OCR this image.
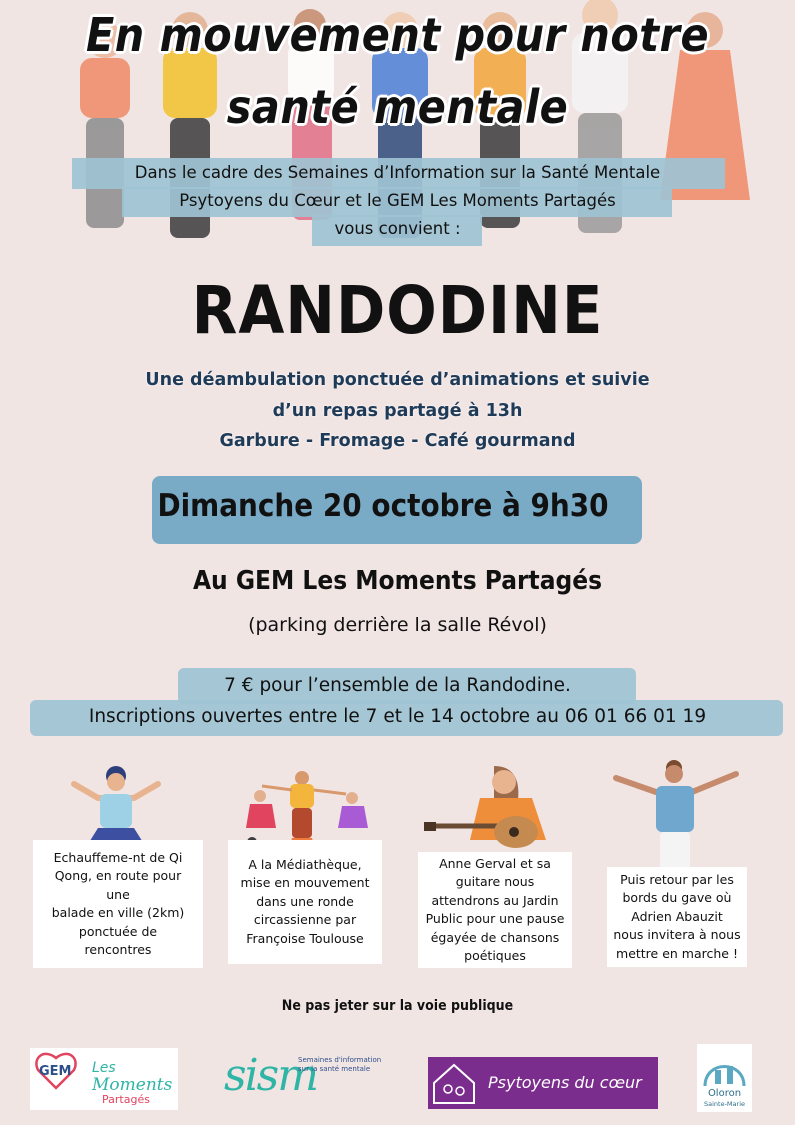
En mouvement pour notre
santé mentale
Dans le cadre des Semaines d’Information sur la Santé Mentale
Psytoyens du Cœur et le GEM Les Moments Partagés
vous convient :
RANDODINE
Une déambulation ponctuée d’animations et suivie
d’un repas partagé à 13h
Garbure - Fromage - Café gourmand
Dimanche 20 octobre à 9h30
Au GEM Les Moments Partagés
(parking derrière la salle Révol)
7 € pour l’ensemble de la Randodine.
Inscriptions ouvertes entre le 7 et le 14 octobre au 06 01 66 01 19
Echauffeme-nt de Qi
Qong, en route pour
une
balade en ville (2km)
ponctuée de
rencontres
A la Médiathèque,
mise en mouvement
dans une ronde
circassienne par
Françoise Toulouse
Anne Gerval et sa
guitare nous
attendrons au Jardin
Public pour une pause
égayée de chansons
poétiques
Puis retour par les
bords du gave où
Adrien Abauzit
nous invitera à nous
mettre en marche !
Ne pas jeter sur la voie publique
GEM Les
Moments
Partagés sism
Semaines d'information
sur la santé mentale
Psytoyens du cœur
Oloron
Sainte-Marie
